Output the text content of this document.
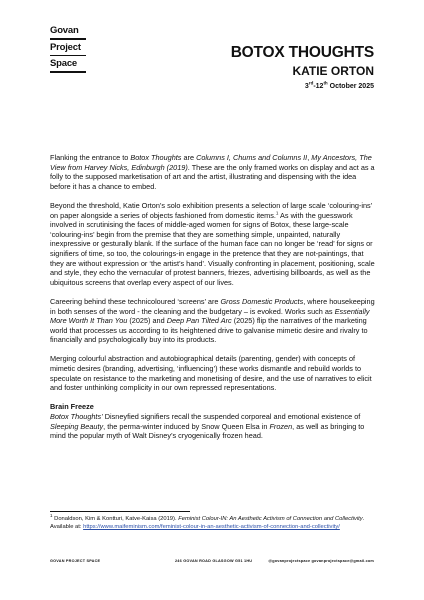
Govan
Project
Space
BOTOX THOUGHTS
KATIE ORTON
3rd-12th October 2025

Flanking the entrance to Botox Thoughts are Columns I, Chums and Columns II, My Ancestors, The View from Harvey Nicks, Edinburgh (2019). These are the only framed works on display and act as a folly to the supposed marketisation of art and the artist, illustrating and dispensing with the idea before it has a chance to embed.

Beyond the threshold, Katie Orton’s solo exhibition presents a selection of large scale ‘colouring-ins’ on paper alongside a series of objects fashioned from domestic items.$^1$ As with the guesswork involved in scrutinising the faces of middle-aged women for signs of Botox, these large-scale ‘colouring-ins’ begin from the premise that they are something simple, unpainted, naturally inexpressive or gesturally blank. If the surface of the human face can no longer be ‘read’ for signs or signifiers of time, so too, the colourings-in engage in the pretence that they are not-paintings, that they are without expression or ‘the artist’s hand’. Visually confronting in placement, positioning, scale and style, they echo the vernacular of protest banners, friezes, advertising billboards, as well as the ubiquitous screens that overlap every aspect of our lives.

Careering behind these technicoloured ‘screens’ are Gross Domestic Products, where housekeeping in both senses of the word - the cleaning and the budgetary – is evoked. Works such as Essentially More Worth It Than You (2025) and Deep Pan Tilted Arc (2025) flip the narratives of the marketing world that processes us according to its heightened drive to galvanise mimetic desire and rivalry to financially and psychologically buy into its products.

Merging colourful abstraction and autobiographical details (parenting, gender) with concepts of mimetic desires (branding, advertising, ‘influencing’) these works dismantle and rebuild worlds to speculate on resistance to the marketing and monetising of desire, and the use of narratives to elicit and foster unthinking complicity in our own repressed representations.

Brain Freeze

Botox Thoughts’ Disneyfied signifiers recall the suspended corporeal and emotional existence of Sleeping Beauty, the perma-winter induced by Snow Queen Elsa in Frozen, as well as bringing to mind the popular myth of Walt Disney’s cryogenically frozen head.

$^1$ Donaldson, Kim & Kontturi, Katve-Kaisa (2019). Feminist Colour-IN: An Aesthetic Activism of Connection and Collectivity. Available at: https://www.maifeminism.com/feminist-colour-in-an-aesthetic-activism-of-connection-and-collectivity/
GOVAN PROJECT SPACE	246 GOVAN ROAD GLASGOW G51 1HU	@govanprojectspace govanprojectspace@gmail.com
